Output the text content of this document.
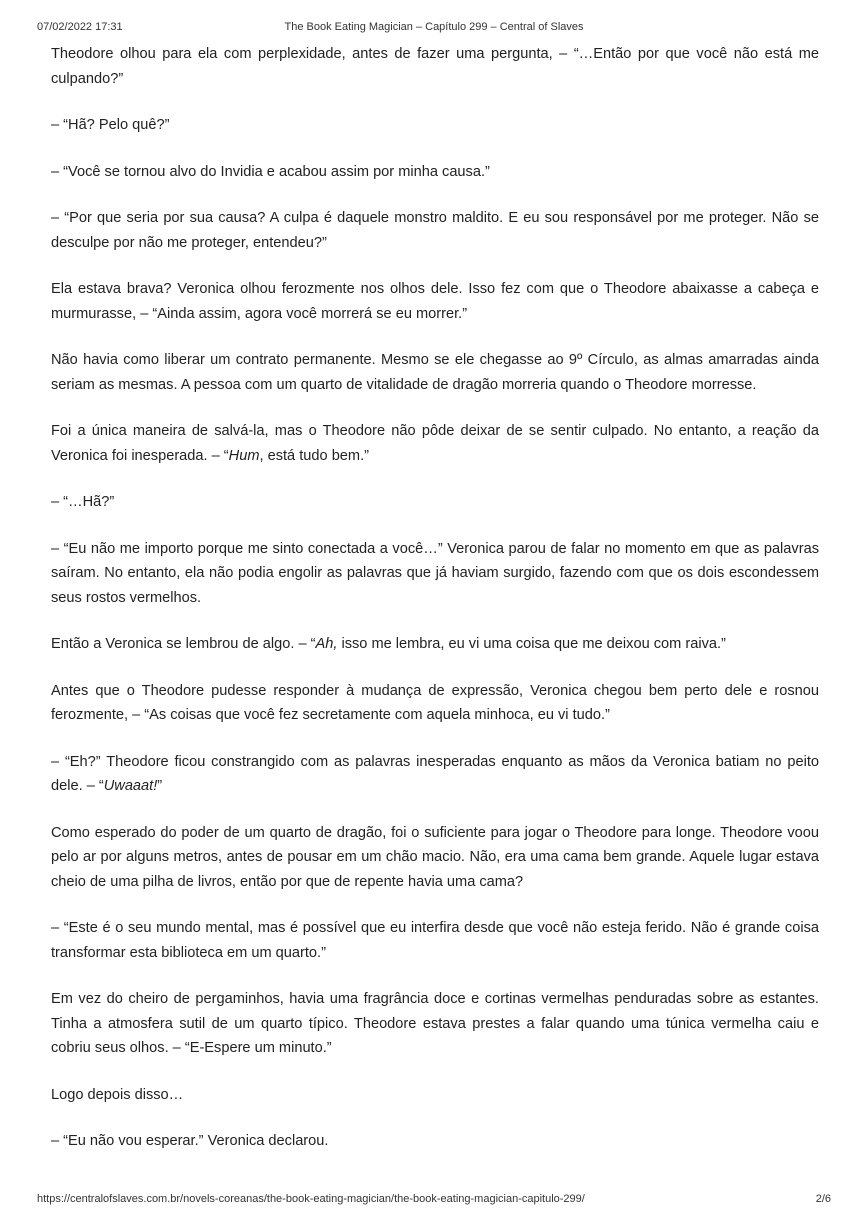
07/02/2022 17:31	The Book Eating Magician – Capítulo 299 – Central of Slaves

Theodore olhou para ela com perplexidade, antes de fazer uma pergunta, – “…Então por que você não está me culpando?”

– “Hã? Pelo quê?”

– “Você se tornou alvo do Invidia e acabou assim por minha causa.”

– “Por que seria por sua causa? A culpa é daquele monstro maldito. E eu sou responsável por me proteger. Não se desculpe por não me proteger, entendeu?”

Ela estava brava? Veronica olhou ferozmente nos olhos dele. Isso fez com que o Theodore abaixasse a cabeça e murmurasse, – “Ainda assim, agora você morrerá se eu morrer.”

Não havia como liberar um contrato permanente. Mesmo se ele chegasse ao 9º Círculo, as almas amarradas ainda seriam as mesmas. A pessoa com um quarto de vitalidade de dragão morreria quando o Theodore morresse.

Foi a única maneira de salvá-la, mas o Theodore não pôde deixar de se sentir culpado. No entanto, a reação da Veronica foi inesperada. – “Hum, está tudo bem.”

– “…Hã?”

– “Eu não me importo porque me sinto conectada a você…” Veronica parou de falar no momento em que as palavras saíram. No entanto, ela não podia engolir as palavras que já haviam surgido, fazendo com que os dois escondessem seus rostos vermelhos.

Então a Veronica se lembrou de algo. – “Ah, isso me lembra, eu vi uma coisa que me deixou com raiva.”

Antes que o Theodore pudesse responder à mudança de expressão, Veronica chegou bem perto dele e rosnou ferozmente, – “As coisas que você fez secretamente com aquela minhoca, eu vi tudo.”

– “Eh?” Theodore ficou constrangido com as palavras inesperadas enquanto as mãos da Veronica batiam no peito dele. – “Uwaaat!”

Como esperado do poder de um quarto de dragão, foi o suficiente para jogar o Theodore para longe. Theodore voou pelo ar por alguns metros, antes de pousar em um chão macio. Não, era uma cama bem grande. Aquele lugar estava cheio de uma pilha de livros, então por que de repente havia uma cama?

– “Este é o seu mundo mental, mas é possível que eu interfira desde que você não esteja ferido. Não é grande coisa transformar esta biblioteca em um quarto.”

Em vez do cheiro de pergaminhos, havia uma fragrância doce e cortinas vermelhas penduradas sobre as estantes. Tinha a atmosfera sutil de um quarto típico. Theodore estava prestes a falar quando uma túnica vermelha caiu e cobriu seus olhos. – “E-Espere um minuto.”

Logo depois disso…

– “Eu não vou esperar.” Veronica declarou.

https://centralofslaves.com.br/novels-coreanas/the-book-eating-magician/the-book-eating-magician-capitulo-299/	2/6
